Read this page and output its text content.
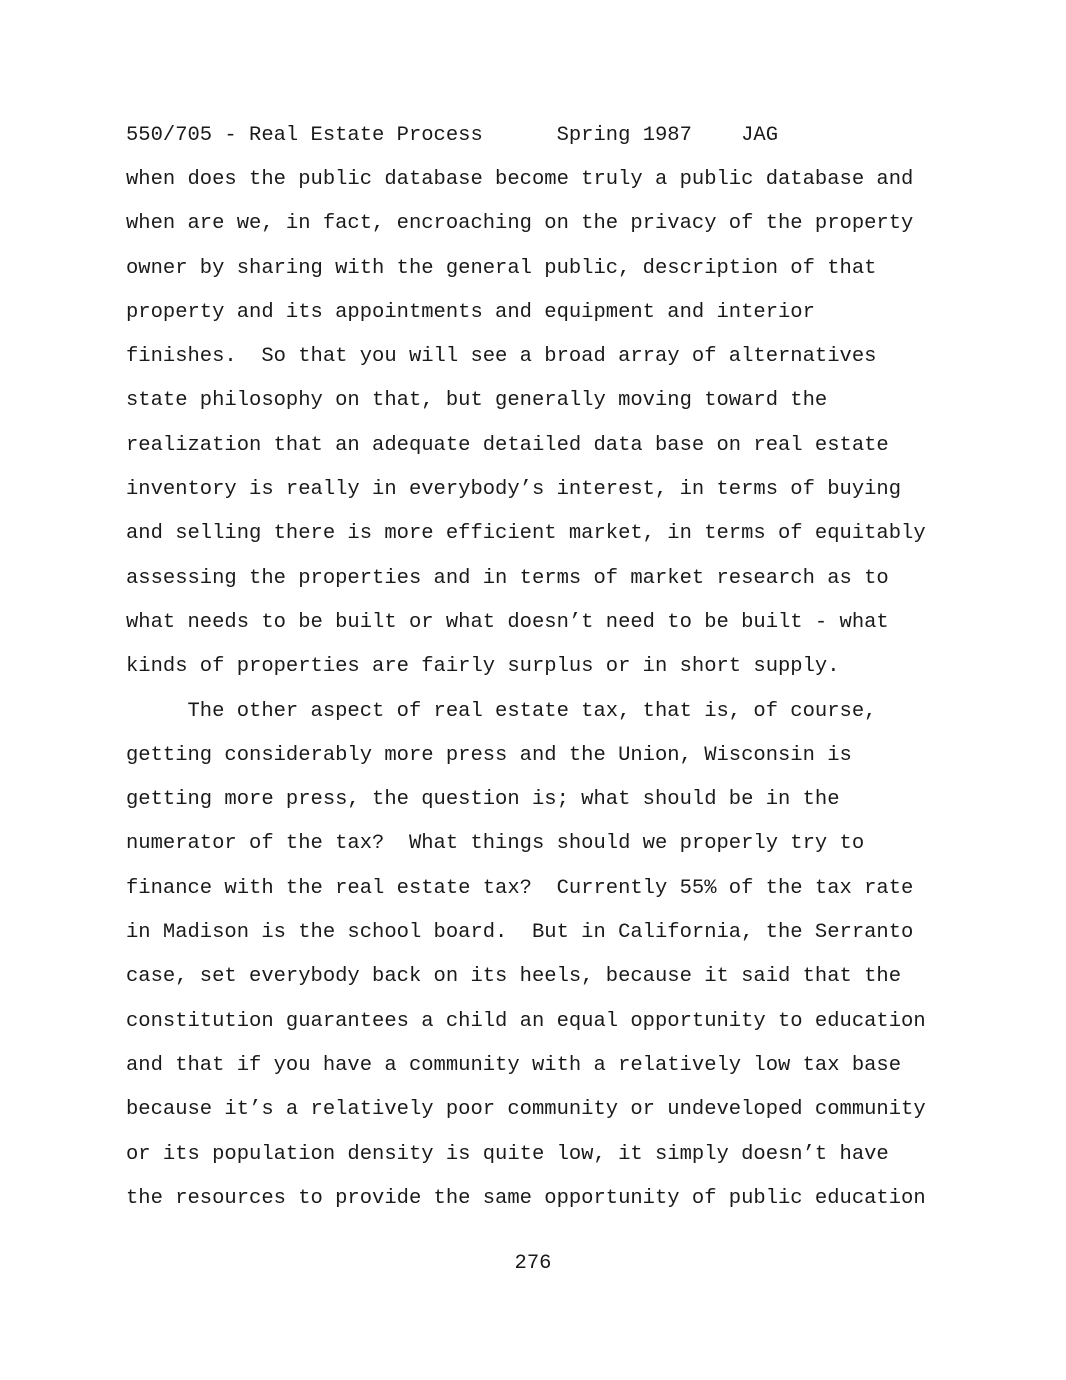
550/705 - Real Estate Process	Spring 1987 JAG
when does the public database become truly a public database and
when are we, in fact, encroaching on the privacy of the property
owner by sharing with the general public, description of that
property and its appointments and equipment and interior
finishes.  So that you will see a broad array of alternatives
state philosophy on that, but generally moving toward the
realization that an adequate detailed data base on real estate
inventory is really in everybody’s interest, in terms of buying
and selling there is more efficient market, in terms of equitably
assessing the properties and in terms of market research as to
what needs to be built or what doesn’t need to be built - what
kinds of properties are fairly surplus or in short supply.
The other aspect of real estate tax, that is, of course,
getting considerably more press and the Union, Wisconsin is
getting more press, the question is; what should be in the
numerator of the tax?  What things should we properly try to
finance with the real estate tax?  Currently 55% of the tax rate
in Madison is the school board.  But in California, the Serranto
case, set everybody back on its heels, because it said that the
constitution guarantees a child an equal opportunity to education
and that if you have a community with a relatively low tax base
because it’s a relatively poor community or undeveloped community
or its population density is quite low, it simply doesn’t have
the resources to provide the same opportunity of public education
276
